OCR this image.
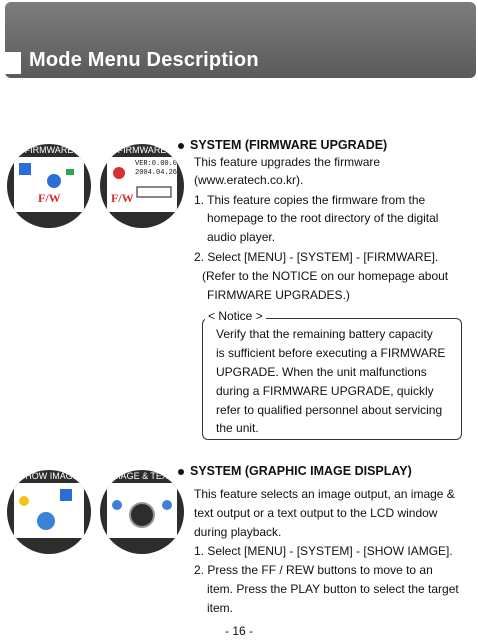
Mode Menu Description
FIRMWARE
F/W
FIRMWARE
VER:0.00.00
2004.04.26
F/W
SYSTEM (FIRMWARE UPGRADE)
This feature upgrades the firmware
(www.eratech.co.kr).
1. This feature copies the firmware from the
homepage to the root directory of the digital
audio player.
2. Select [MENU] - [SYSTEM] - [FIRMWARE].
(Refer to the NOTICE on our homepage about
FIRMWARE UPGRADES.)
< Notice >
Verify that the remaining battery capacity
is sufficient before executing a FIRMWARE
UPGRADE. When the unit malfunctions
during a FIRMWARE UPGRADE, quickly
refer to qualified personnel about servicing
the unit.
SHOW IMAGE	IMAGE & TEXT	SYSTEM (GRAPHIC IMAGE DISPLAY)
This feature selects an image output, an image &
text output or a text output to the LCD window
during playback.
1. Select [MENU] - [SYSTEM] - [SHOW IAMGE].
2. Press the FF / REW buttons to move to an
item. Press the PLAY button to select the target
item.
- 16 -
